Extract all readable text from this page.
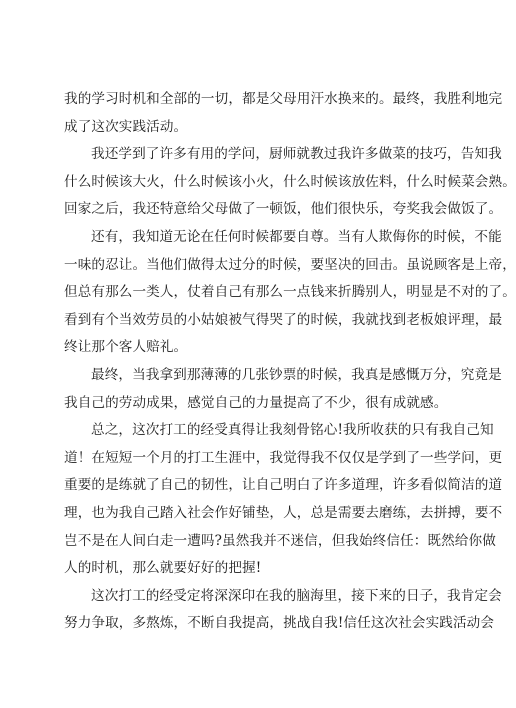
我的学习时机和全部的一切，都是父母用汗水换来的。最终，我胜利地完
成了这次实践活动。
我还学到了许多有用的学问，厨师就教过我许多做菜的技巧，告知我
什么时候该大火，什么时候该小火，什么时候该放佐料，什么时候菜会熟。
回家之后，我还特意给父母做了一顿饭，他们很快乐，夸奖我会做饭了。
还有，我知道无论在任何时候都要自尊。当有人欺侮你的时候，不能
一味的忍让。当他们做得太过分的时候，要坚决的回击。虽说顾客是上帝，
但总有那么一类人，仗着自己有那么一点钱来折腾别人，明显是不对的了。
看到有个当效劳员的小姑娘被气得哭了的时候，我就找到老板娘评理，最
终让那个客人赔礼。
最终，当我拿到那薄薄的几张钞票的时候，我真是感慨万分，究竟是
我自己的劳动成果，感觉自己的力量提高了不少，很有成就感。
总之，这次打工的经受真得让我刻骨铭心!我所收获的只有我自己知
道！在短短一个月的打工生涯中，我觉得我不仅仅是学到了一些学问，更
重要的是练就了自己的韧性，让自己明白了许多道理，许多看似简洁的道
理，也为我自己踏入社会作好铺垫，人，总是需要去磨练，去拼搏，要不
岂不是在人间白走一遭吗?虽然我并不迷信，但我始终信任：既然给你做
人的时机，那么就要好好的把握!
这次打工的经受定将深深印在我的脑海里，接下来的日子，我肯定会
努力争取，多熬炼，不断自我提高，挑战自我!信任这次社会实践活动会
